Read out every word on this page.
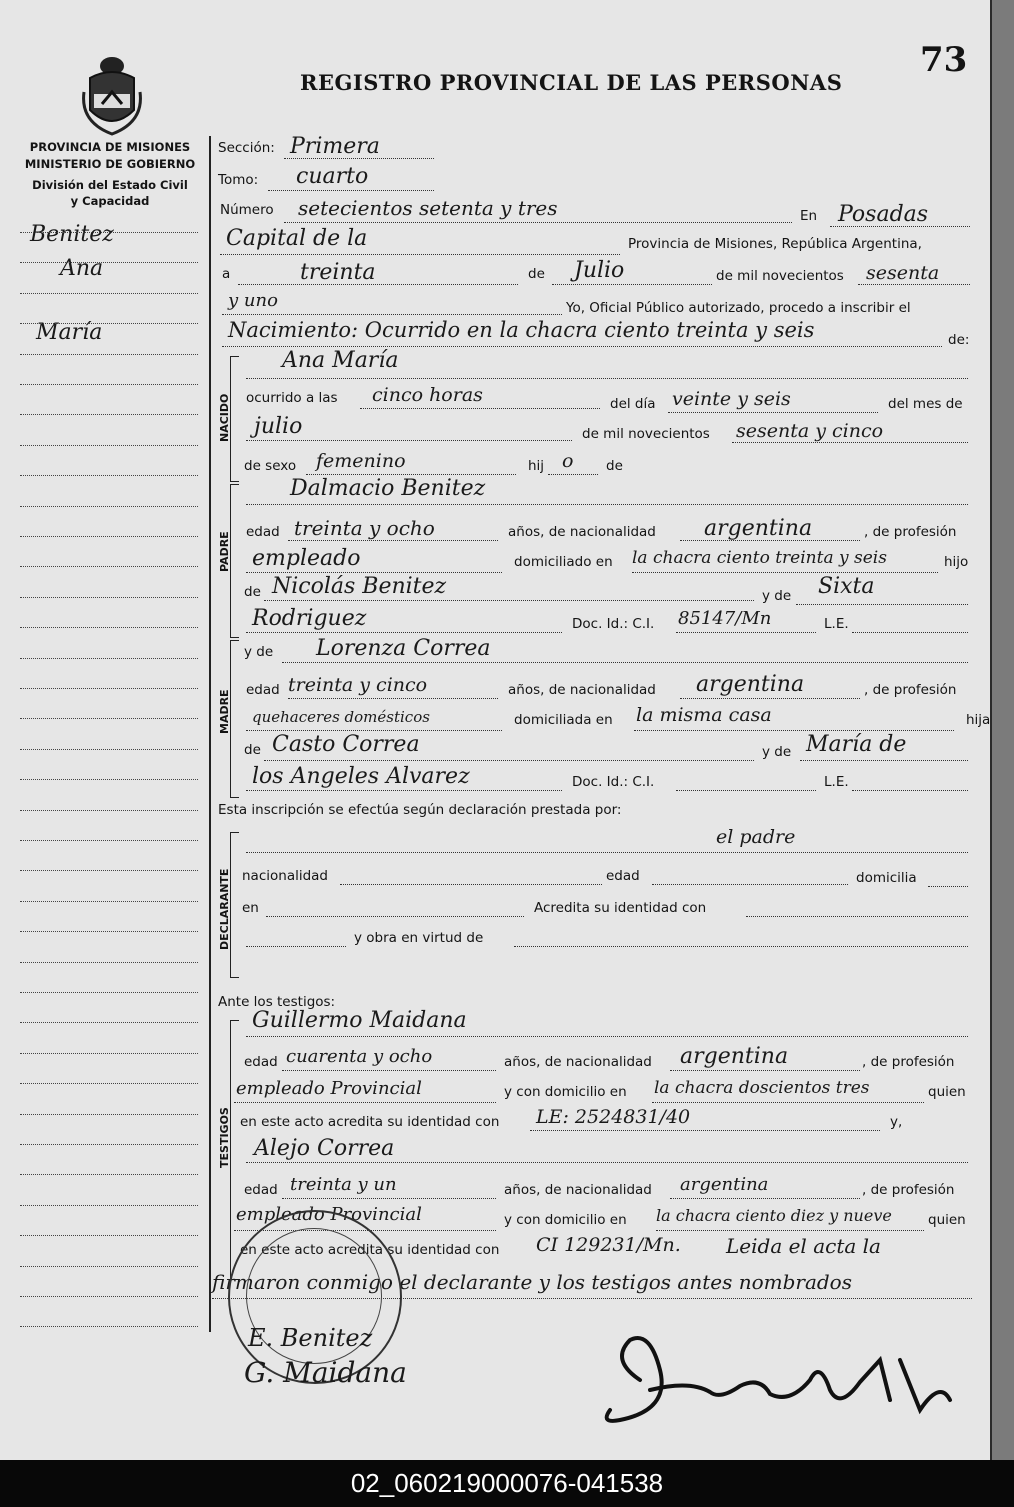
73
REGISTRO PROVINCIAL DE LAS PERSONAS
PROVINCIA DE MISIONES
MINISTERIO DE GOBIERNO
División del Estado Civil
y Capacidad
Benitez
Ana
María
Sección: Primera
Tomo: cuarto
Número setecientos setenta y tres	En Posadas
Capital de la	Provincia de Misiones, República Argentina,
a	treinta	de Julio	de mil novecientos sesenta
y uno	Yo, Oficial Público autorizado, procedo a inscribir el
Nacimiento: Ocurrido en la chacra ciento treinta y seis	de:
NACIDO
Ana María
ocurrido a las cinco horas	del día veinte y seis	del mes de
julio	de mil novecientos sesenta y cinco
de sexo femenino	hij o de
PADRE
Dalmacio Benitez
edad treinta y ocho	años, de nacionalidad argentina	, de profesión
empleado	domiciliado en la chacra ciento treinta y seis	hijo
de Nicolás Benitez	y de Sixta
Rodriguez	Doc. Id.: C.I. 85147/Mn	L.E.
MADRE
y de Lorenza Correa
edad treinta y cinco	años, de nacionalidad argentina	, de profesión
quehaceres domésticos	domiciliada en la misma casa	hija
de Casto Correa	y de María de
los Angeles Alvarez	Doc. Id.: C.I.	L.E.
Esta inscripción se efectúa según declaración prestada por:
DECLARANTE
el padre
nacionalidad	edad	domicilia
en	Acredita su identidad con
y obra en virtud de
Ante los testigos:
TESTIGOS
Guillermo Maidana
edad cuarenta y ocho	años, de nacionalidad argentina	, de profesión
empleado Provincial	y con domicilio en la chacra doscientos tres	quien
en este acto acredita su identidad con LE: 2524831/40	y,
Alejo Correa
edad treinta y un	años, de nacionalidad argentina	, de profesión
empleado Provincial	y con domicilio en la chacra ciento diez y nueve	quien
en este acto acredita su identidad con CI 129231/Mn. Leida el acta la
firmaron conmigo el declarante y los testigos antes nombrados
E. Benitez
G. Maidana
02_060219000076-041538
